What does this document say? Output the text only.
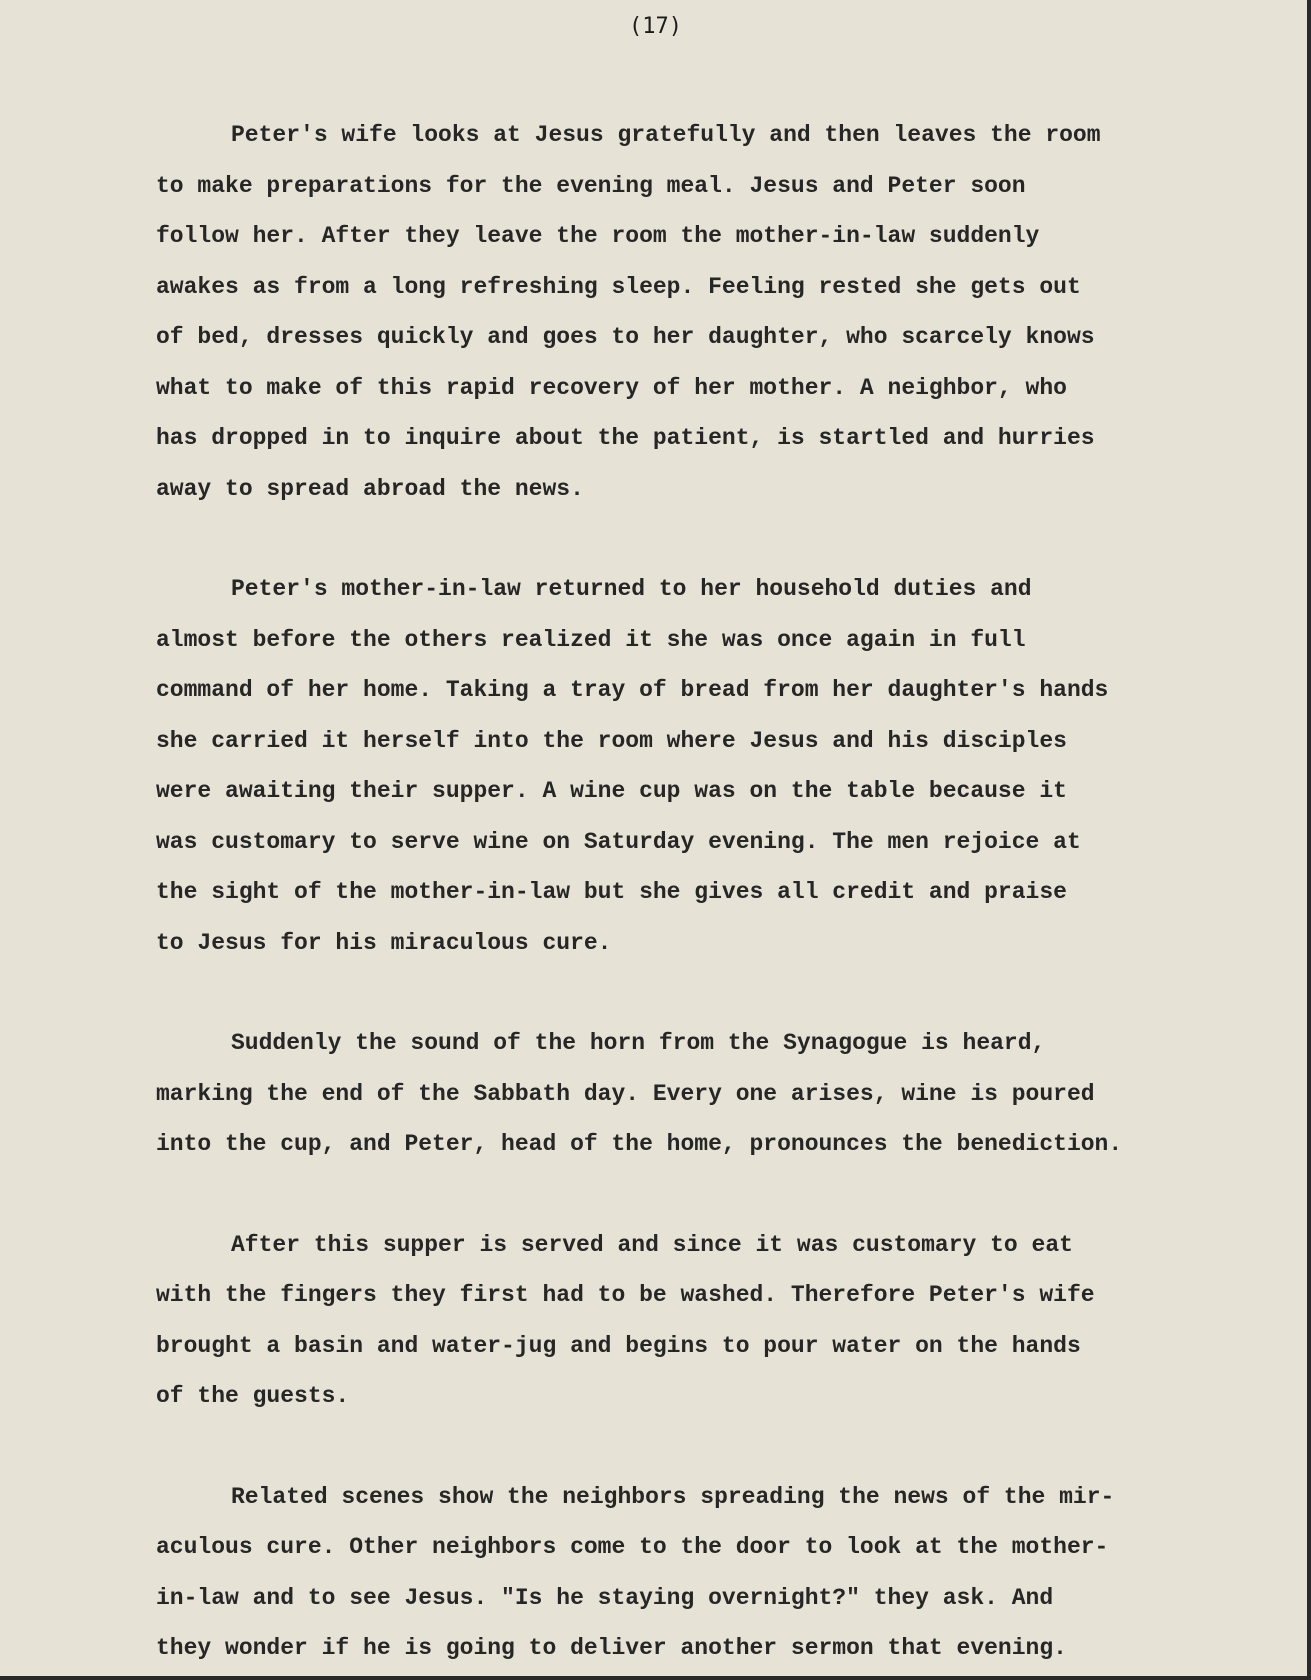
(17)
Peter's wife looks at Jesus gratefully and then leaves the room
to make preparations for the evening meal. Jesus and Peter soon
follow her. After they leave the room the mother-in-law suddenly
awakes as from a long refreshing sleep. Feeling rested she gets out
of bed, dresses quickly and goes to her daughter, who scarcely knows
what to make of this rapid recovery of her mother. A neighbor, who
has dropped in to inquire about the patient, is startled and hurries
away to spread abroad the news.
Peter's mother-in-law returned to her household duties and
almost before the others realized it she was once again in full
command of her home. Taking a tray of bread from her daughter's hands
she carried it herself into the room where Jesus and his disciples
were awaiting their supper. A wine cup was on the table because it
was customary to serve wine on Saturday evening. The men rejoice at
the sight of the mother-in-law but she gives all credit and praise
to Jesus for his miraculous cure.
Suddenly the sound of the horn from the Synagogue is heard,
marking the end of the Sabbath day. Every one arises, wine is poured
into the cup, and Peter, head of the home, pronounces the benediction.
After this supper is served and since it was customary to eat
with the fingers they first had to be washed. Therefore Peter's wife
brought a basin and water-jug and begins to pour water on the hands
of the guests.
Related scenes show the neighbors spreading the news of the mir-
aculous cure. Other neighbors come to the door to look at the mother-
in-law and to see Jesus. "Is he staying overnight?" they ask. And
they wonder if he is going to deliver another sermon that evening.
